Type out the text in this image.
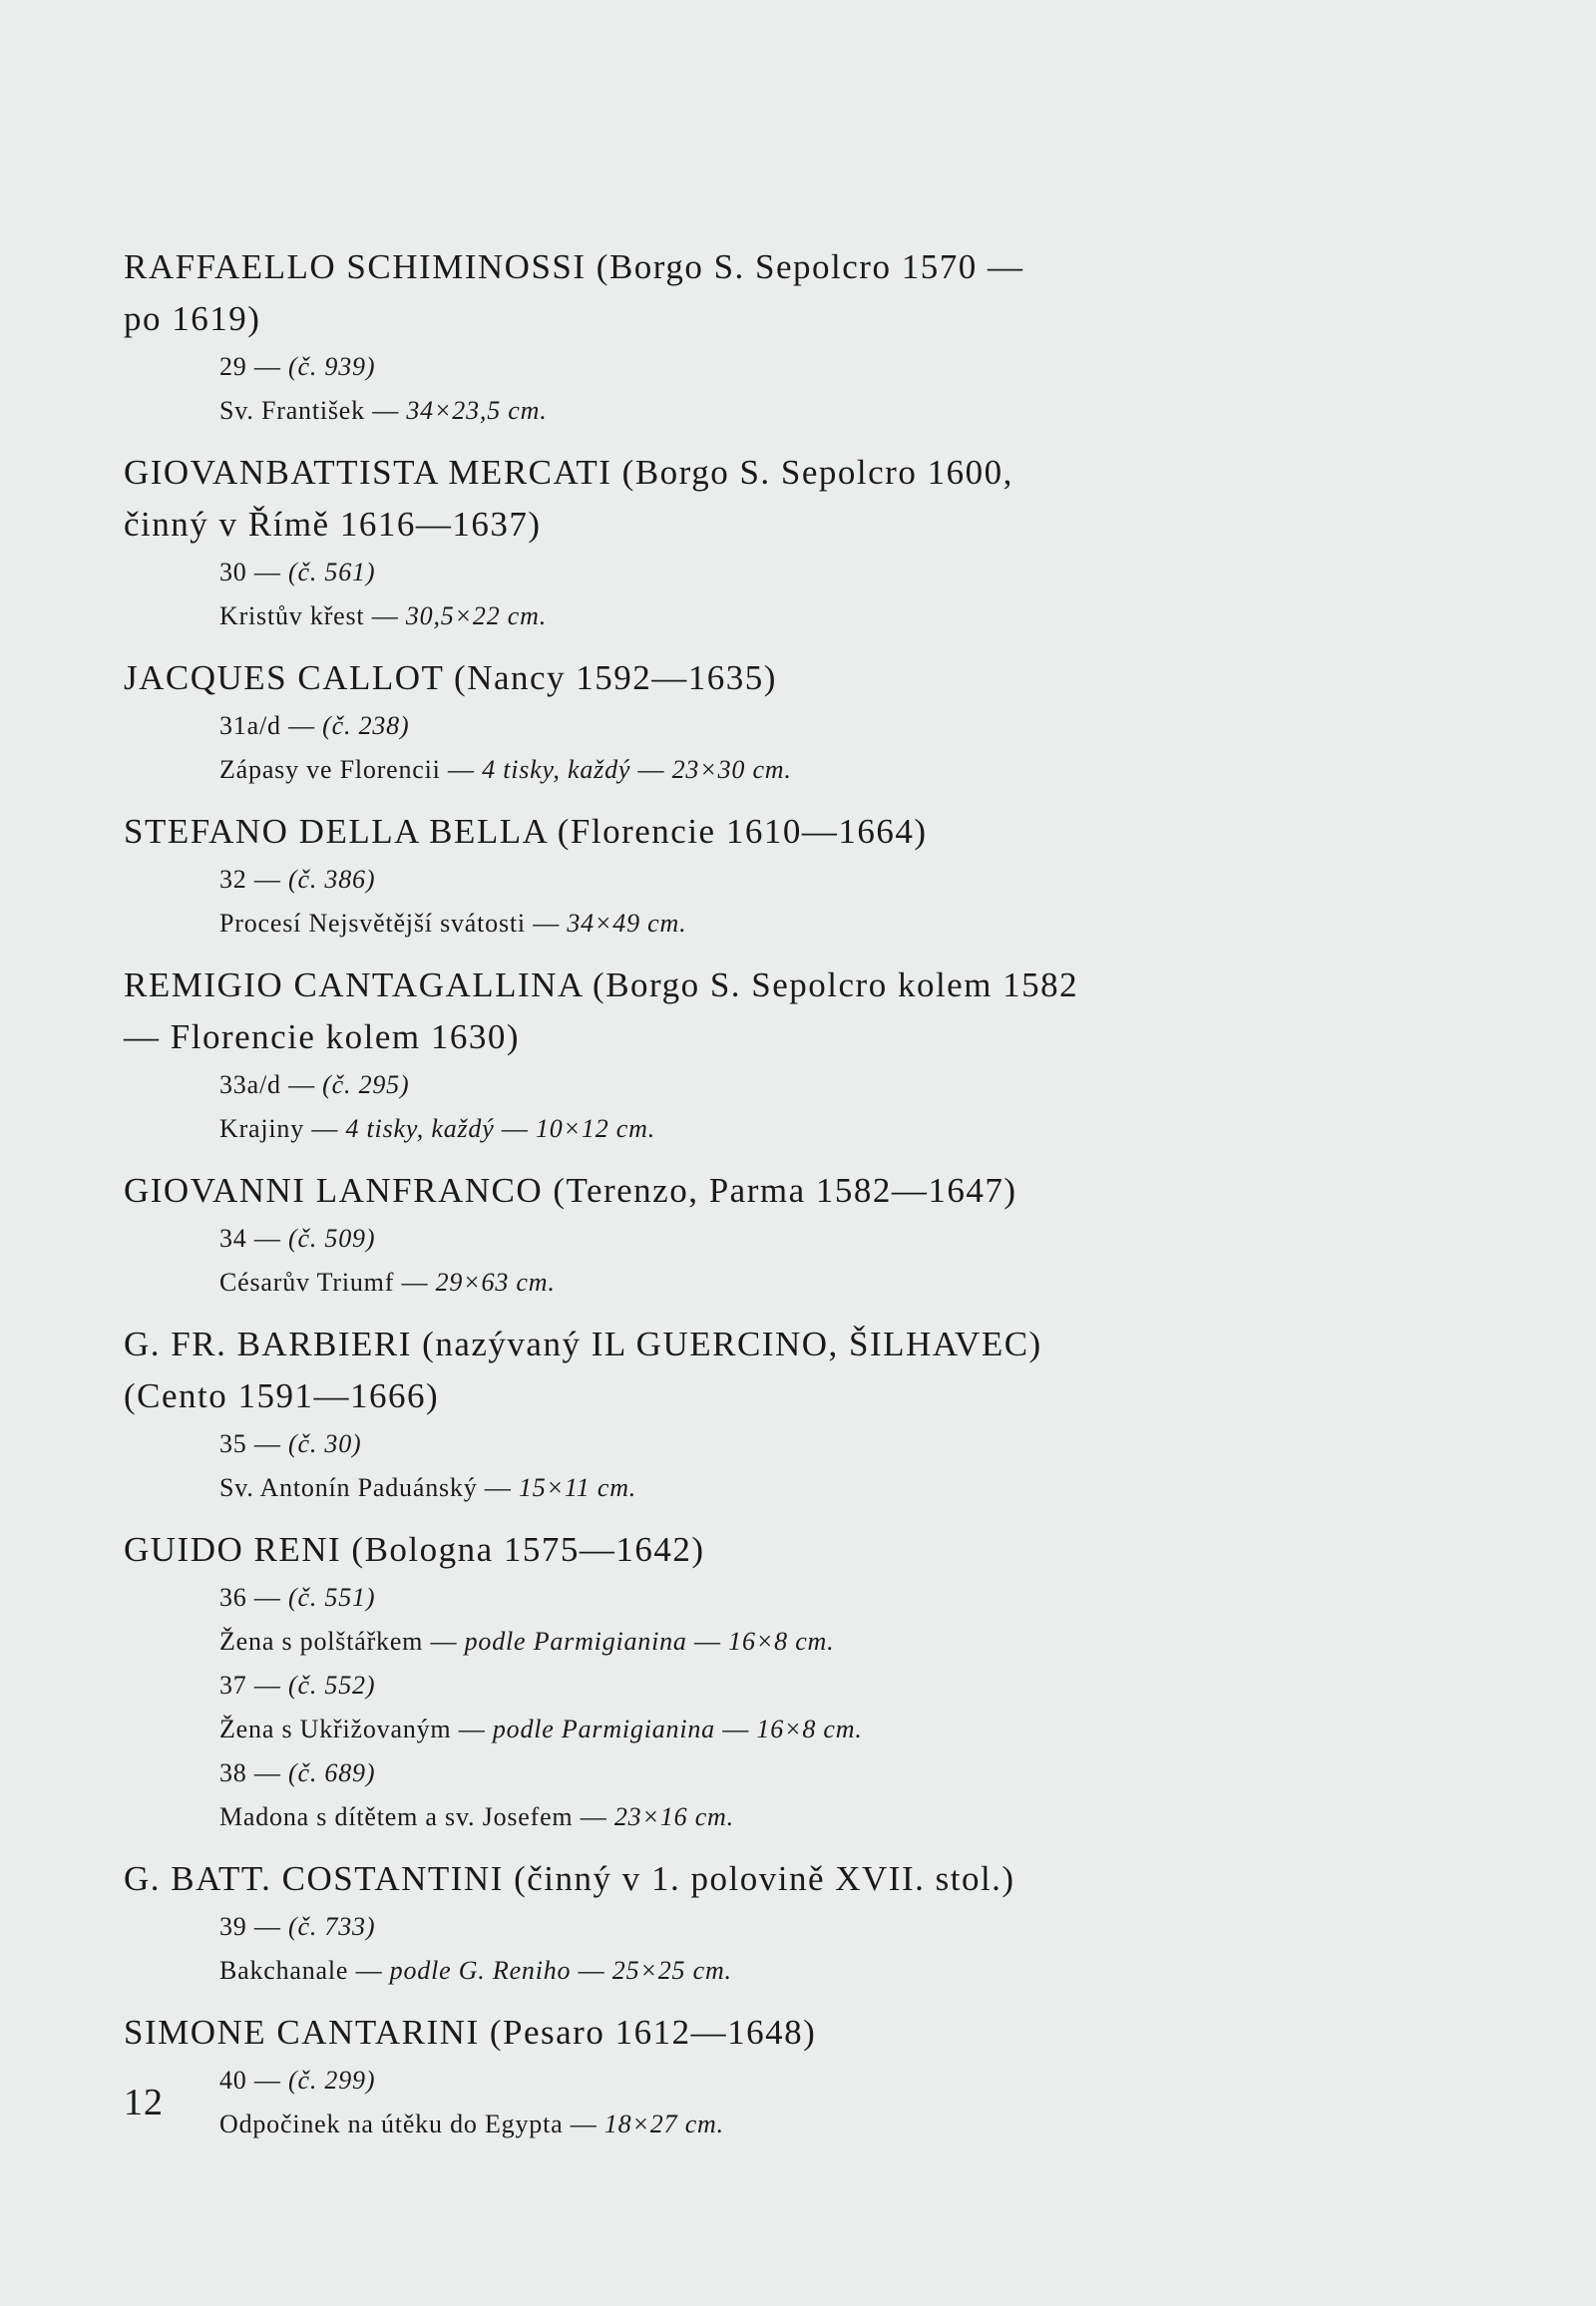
RAFFAELLO SCHIMINOSSI (Borgo S. Sepolcro 1570 —
po 1619)
29 — (č. 939)
Sv. František — 34×23,5 cm.
GIOVANBATTISTA MERCATI (Borgo S. Sepolcro 1600,
činný v Římě 1616—1637)
30 — (č. 561)
Kristův křest — 30,5×22 cm.
JACQUES CALLOT (Nancy 1592—1635)
31a/d — (č. 238)
Zápasy ve Florencii — 4 tisky, každý — 23×30 cm.
STEFANO DELLA BELLA (Florencie 1610—1664)
32 — (č. 386)
Procesí Nejsvětější svátosti — 34×49 cm.
REMIGIO CANTAGALLINA (Borgo S. Sepolcro kolem 1582
— Florencie kolem 1630)
33a/d — (č. 295)
Krajiny — 4 tisky, každý — 10×12 cm.
GIOVANNI LANFRANCO (Terenzo, Parma 1582—1647)
34 — (č. 509)
Césarův Triumf — 29×63 cm.
G. FR. BARBIERI (nazývaný IL GUERCINO, ŠILHAVEC)
(Cento 1591—1666)
35 — (č. 30)
Sv. Antonín Paduánský — 15×11 cm.
GUIDO RENI (Bologna 1575—1642)
36 — (č. 551)
Žena s polštářkem — podle Parmigianina — 16×8 cm.
37 — (č. 552)
Žena s Ukřižovaným — podle Parmigianina — 16×8 cm.
38 — (č. 689)
Madona s dítětem a sv. Josefem — 23×16 cm.
G. BATT. COSTANTINI (činný v 1. polovině XVII. stol.)
39 — (č. 733)
Bakchanale — podle G. Reniho — 25×25 cm.
SIMONE CANTARINI (Pesaro 1612—1648)
40 — (č. 299)
Odpočinek na útěku do Egypta — 18×27 cm.
12
